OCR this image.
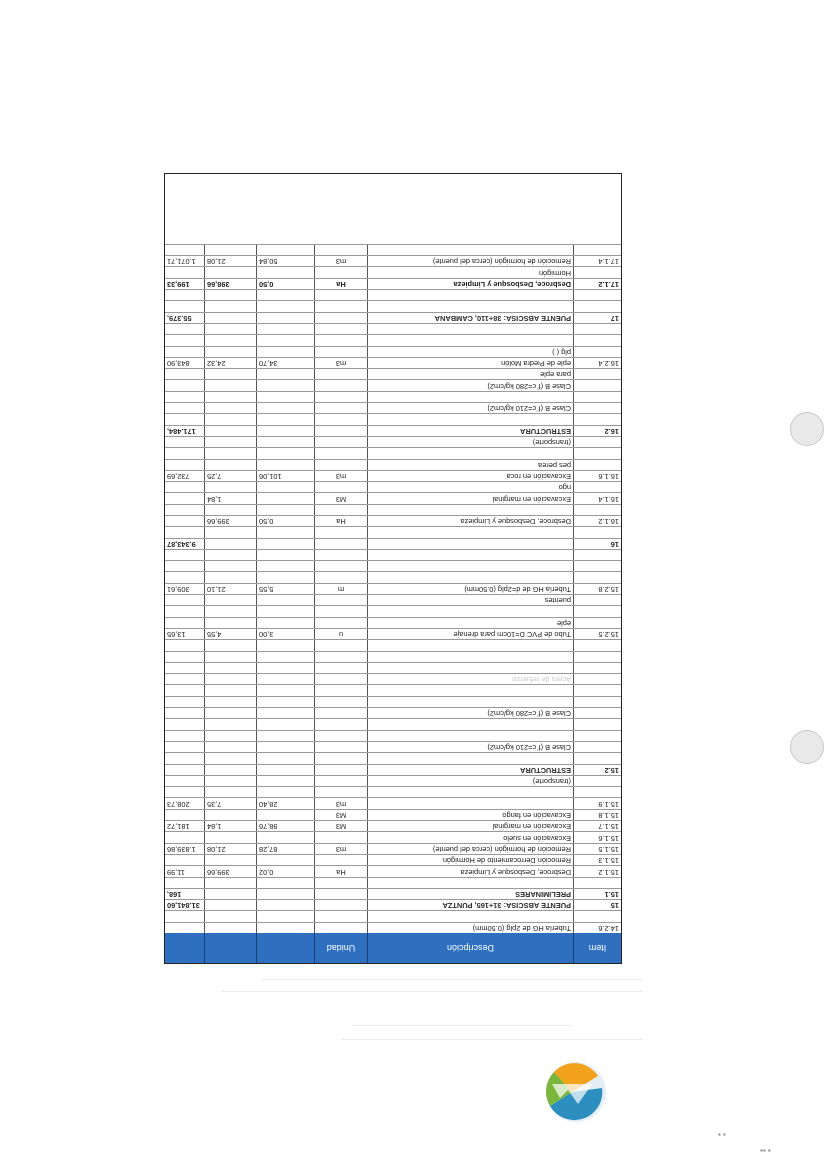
Item
Descripción
Unidad
14.2.6
Tubería HG de 2plg (0.50mm)
15
PUENTE ABSCISA: 31+165, PUNTZA
31.841,60
15.1
PRELIMINARES
168,
15.1.2
Desbroce, Desbosque y Limpieza
Ha
0,02
399,66
11,99
15.1.3
Remoción Derrocamiento de Hormigón
15.1.5
Remoción de hormigón (cerca del puente)
m3
87,28
21,08
1.839,86
15.1.6
Excavación en suelo
15.1.7
Excavación en marginal
M3
98,76
1,84
181,72
15.1.8
Excavación en fango
M3
15.1.9
m3
28,40
7,35
208,73
(transporte)
15.2
ESTRUCTURA
Clase B (f´c=210 kg/cm2)
Clase B (f´c=280 kg/cm2)
Acero de refuerzo
15.2.5
Tubo de PVC D=10cm para drenaje
u
3,00
4,55
13,65
eple
puentes
15.2.8
Tubería HG de d=2plg (0.50mm)
m
5,55
21,10
309,61
16
9.343,87
16.1.2
Desbroce, Desbosque y Limpieza
Ha
0,50
399,66
16.1.4
Excavación en marginal
M3
1,84
ngo
16.1.6
Excavación en roca
m3
101,06
7,25
732,69
pes perea
(transporte)
16.2
ESTRUCTURA
171.484,
Clase B (f´c=210 kg/cm2)
Clase B (f´c=280 kg/cm2)
para eple
16.2.4
eple de Piedra Molón
m3
34,70
24,32
843,90
plg ( )
17
PUENTE ABSCISA: 38+110, CAMBANA
55.379,
17.1.2
Desbroce, Desbosque y Limpieza
Ha
0,50
398,66
199,33
Hormigón
17.1.4
Remoción de hormigón (cerca del puente)
m3
50,84
21,08
1.071,71
▪ ▪
▪▪ ▪
